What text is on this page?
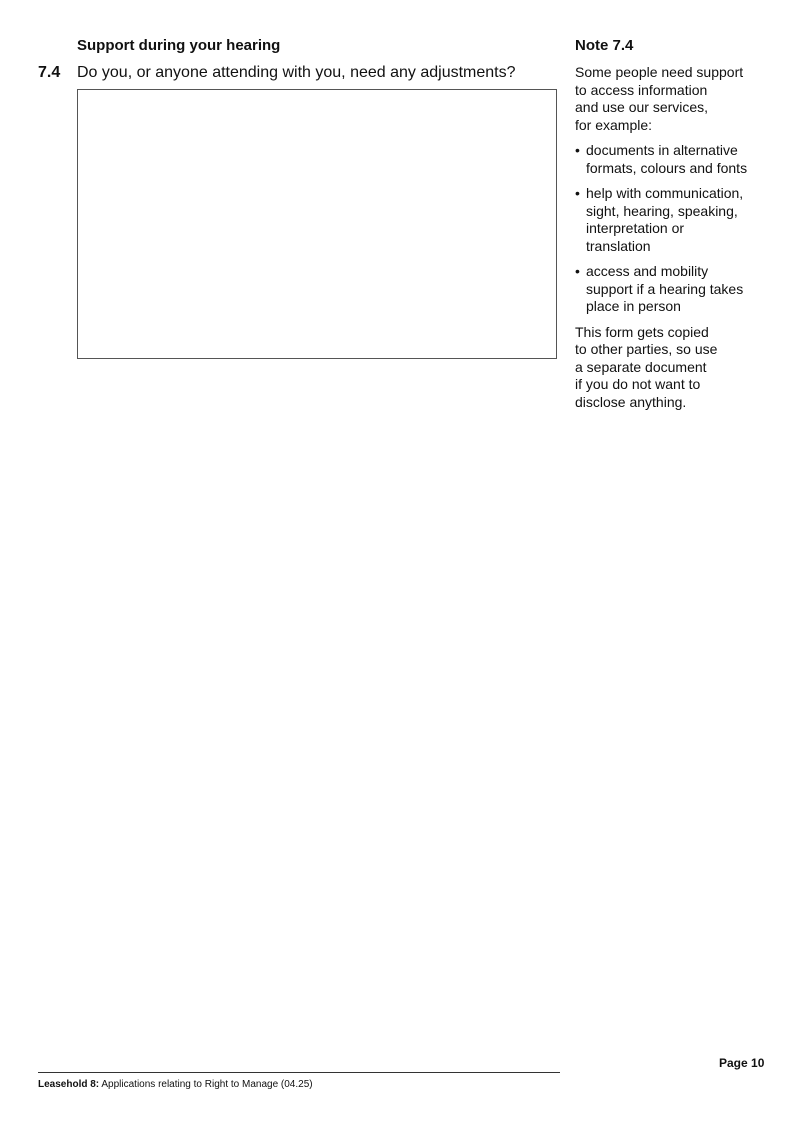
Support during your hearing
7.4 Do you, or anyone attending with you, need any adjustments?
Note 7.4
Some people need support
to access information
and use our services,
for example:
• documents in alternative
formats, colours and fonts
• help with communication,
sight, hearing, speaking,
interpretation or
translation
• access and mobility
support if a hearing takes
place in person
This form gets copied
to other parties, so use
a separate document
if you do not want to
disclose anything.
Page 10
Leasehold 8: Applications relating to Right to Manage (04.25)
